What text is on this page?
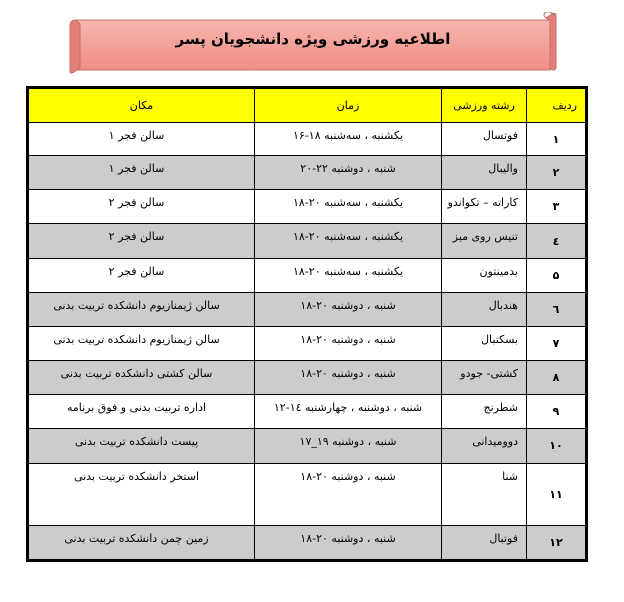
اطلاعیه ورزشی ویژه دانشجویان پسر
ردیف	رشته ورزشی	زمان	مکان
۱	فوتسال	یکشنبه ، سه‌شنبه ۱۸-۱۶	سالن فجر ۱

۲	والیبال	شنبه ، دوشنبه ۲۲-۲۰	سالن فجر ۱

۳	کاراته – تکواندو	یکشنبه ، سه‌شنبه ۲۰-۱۸	سالن فجر ۲

٤	تنیس روی میز	یکشنبه ، سه‌شنبه ۲۰-۱۸	سالن فجر ۲

۵	بدمینتون	یکشنبه ، سه‌شنبه ۲۰-۱۸	سالن فجر ۲

٦	هندبال	شنبه ، دوشنبه ۲۰-۱۸	سالن ژیمنازیوم دانشکده تربیت بدنی

۷	بسکتبال	شنبه ، دوشنبه ۲۰-۱۸	سالن ژیمنازیوم دانشکده تربیت بدنی

۸	کشتی- جودو	شنبه ، دوشنبه ۲۰-۱۸	سالن کشتی دانشکده تربیت بدنی

۹	شطرنج	شنبه ، دوشنبه ، چهارشنبه ۱٤-۱۲	اداره تربیت بدنی و فوق برنامه

۱۰	دوومیدانی	شنبه ، دوشنبه ۱۹_۱۷	پیست دانشکده تربیت بدنی

۱۱	شنا	شنبه ، دوشنبه ۲۰-۱۸	استخر دانشکده تربیت بدنی

۱۲	فوتبال	شنبه ، دوشنبه ۲۰-۱۸	زمین چمن دانشکده تربیت بدنی
